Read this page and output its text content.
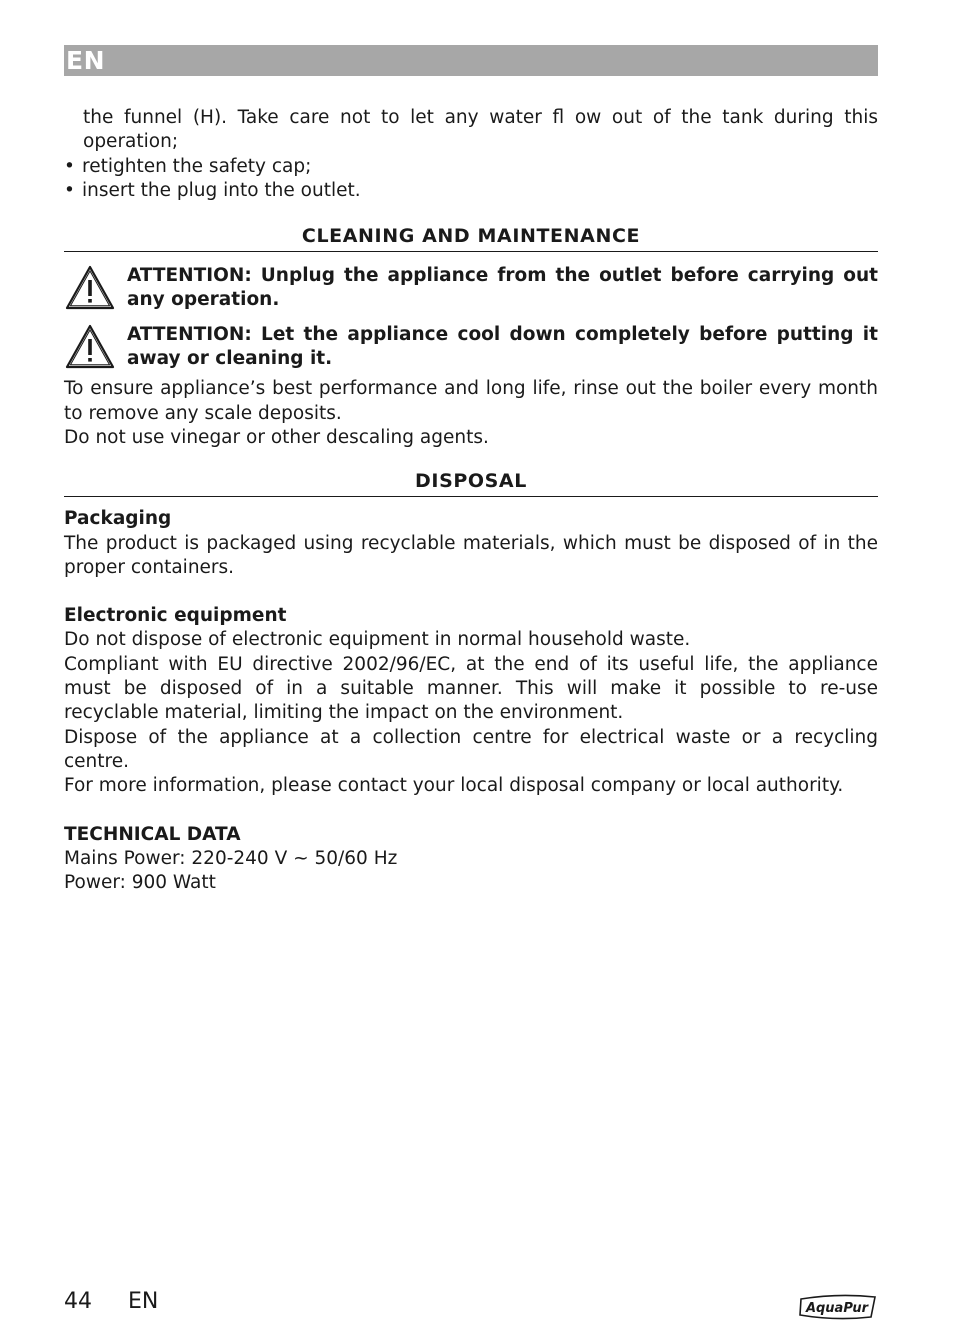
EN
the funnel (H). Take care not to let any water fl ow out of the tank during this operation;
• retighten the safety cap;
• insert the plug into the outlet.
CLEANING AND MAINTENANCE
ATTENTION: Unplug the appliance from the outlet before carrying out any operation.
ATTENTION: Let the appliance cool down completely before putting it away or cleaning it.
To ensure appliance’s best performance and long life, rinse out the boiler every month to remove any scale deposits.
Do not use vinegar or other descaling agents.
DISPOSAL
Packaging
The product is packaged using recyclable materials, which must be disposed of in the proper containers.
Electronic equipment
Do not dispose of electronic equipment in normal household waste.
Compliant with EU directive 2002/96/EC, at the end of its useful life, the appliance must be disposed of in a suitable manner. This will make it possible to re-use recyclable material, limiting the impact on the environment.
Dispose of the appliance at a collection centre for electrical waste or a recycling centre.
For more information, please contact your local disposal company or local authority.
TECHNICAL DATA
Mains Power: 220-240 V ~ 50/60 Hz
Power: 900 Watt
44 EN	AquaPur
